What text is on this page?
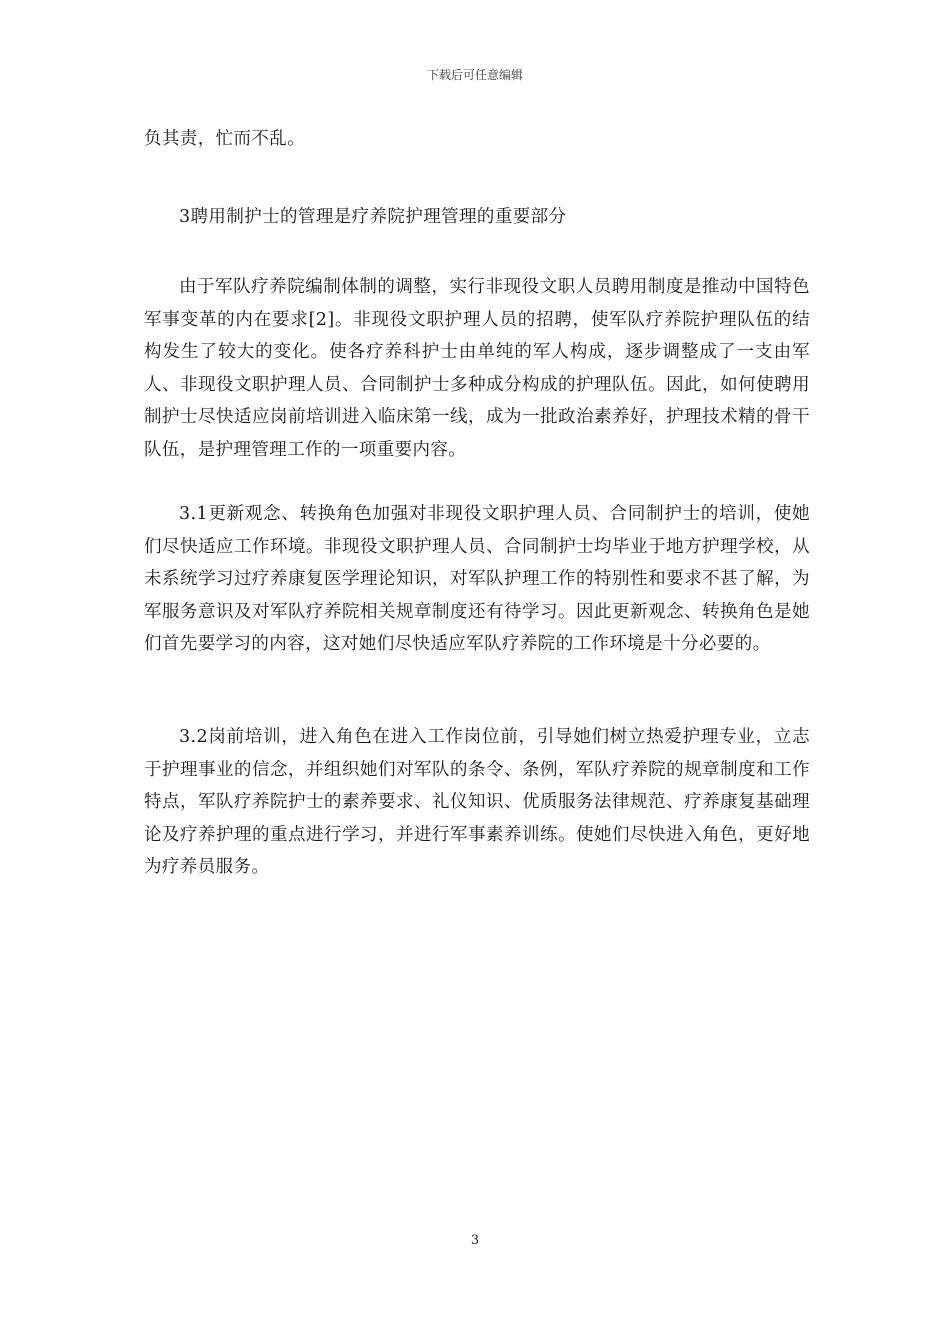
下载后可任意编辑
负其责，忙而不乱。
3聘用制护士的管理是疗养院护理管理的重要部分
由于军队疗养院编制体制的调整，实行非现役文职人员聘用制度是推动中国特色军事变革的内在要求[2]。非现役文职护理人员的招聘，使军队疗养院护理队伍的结构发生了较大的变化。使各疗养科护士由单纯的军人构成，逐步调整成了一支由军人、非现役文职护理人员、合同制护士多种成分构成的护理队伍。因此，如何使聘用制护士尽快适应岗前培训进入临床第一线，成为一批政治素养好，护理技术精的骨干队伍，是护理管理工作的一项重要内容。
3.1更新观念、转换角色加强对非现役文职护理人员、合同制护士的培训，使她们尽快适应工作环境。非现役文职护理人员、合同制护士均毕业于地方护理学校，从未系统学习过疗养康复医学理论知识，对军队护理工作的特别性和要求不甚了解，为军服务意识及对军队疗养院相关规章制度还有待学习。因此更新观念、转换角色是她们首先要学习的内容，这对她们尽快适应军队疗养院的工作环境是十分必要的。
3.2岗前培训，进入角色在进入工作岗位前，引导她们树立热爱护理专业，立志于护理事业的信念，并组织她们对军队的条令、条例，军队疗养院的规章制度和工作特点，军队疗养院护士的素养要求、礼仪知识、优质服务法律规范、疗养康复基础理论及疗养护理的重点进行学习，并进行军事素养训练。使她们尽快进入角色，更好地为疗养员服务。
3
